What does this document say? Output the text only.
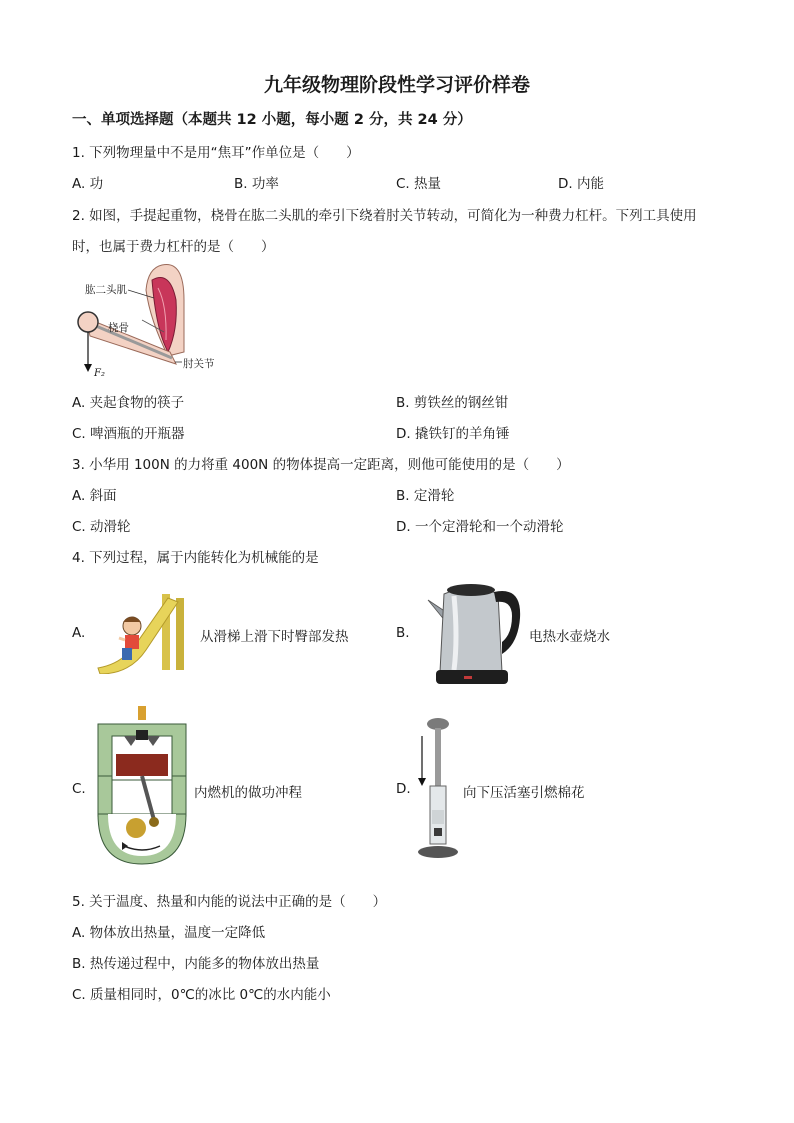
九年级物理阶段性学习评价样卷
一、单项选择题（本题共 12 小题，每小题 2 分，共 24 分）
1. 下列物理量中不是用“焦耳”作单位是（　　）
A. 功	B. 功率	C. 热量	D. 内能
2. 如图，手提起重物，桡骨在肱二头肌的牵引下绕着肘关节转动，可简化为一种费力杠杆。下列工具使用
时，也属于费力杠杆的是（　　）
肱二头肌
桡骨
肘关节
F₂
A. 夹起食物的筷子	B. 剪铁丝的钢丝钳
C. 啤酒瓶的开瓶器	D. 撬铁钉的羊角锤
3. 小华用 100N 的力将重 400N 的物体提高一定距离，则他可能使用的是（　　）
A. 斜面	B. 定滑轮
C. 动滑轮	D. 一个定滑轮和一个动滑轮
4. 下列过程，属于内能转化为机械能的是
A.	从滑梯上滑下时臀部发热	B.	电热水壶烧水
C.	内燃机的做功冲程	D.	向下压活塞引燃棉花
5. 关于温度、热量和内能的说法中正确的是（　　）
A. 物体放出热量，温度一定降低
B. 热传递过程中，内能多的物体放出热量
C. 质量相同时，0℃的冰比 0℃的水内能小
